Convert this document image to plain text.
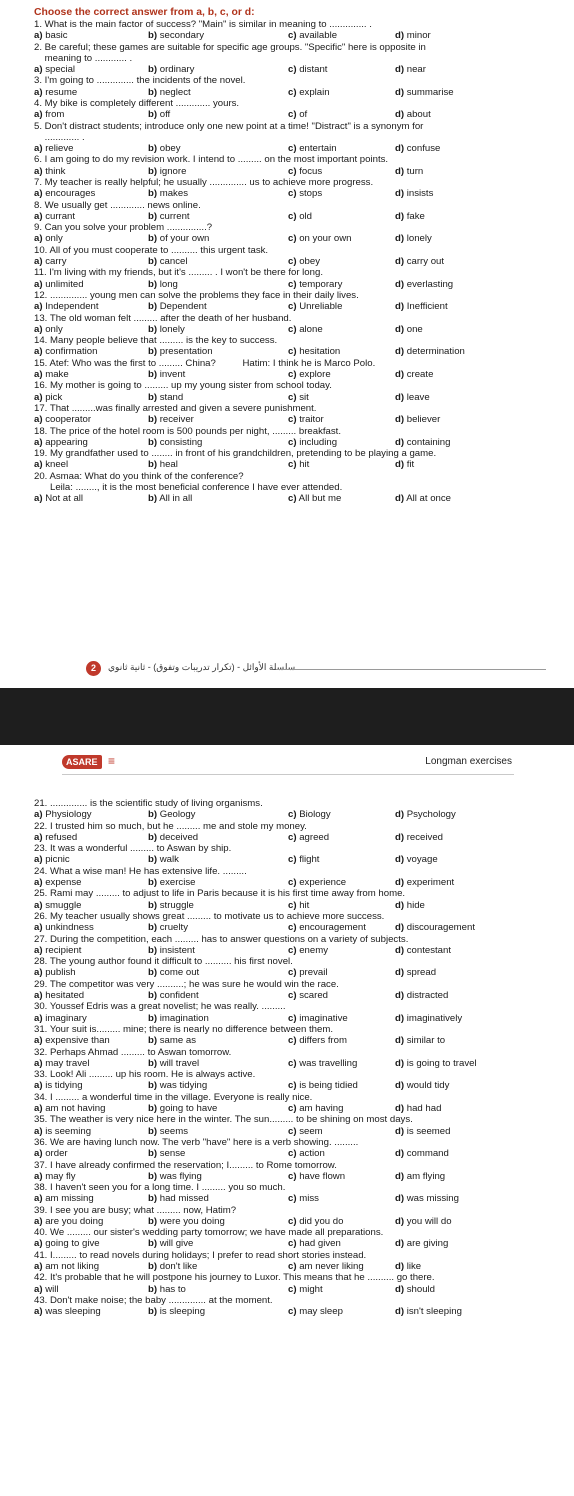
Choose the correct answer from a, b, c, or d:

1. What is the main factor of success? "Main" is similar in meaning to .............. .
a) basic	b) secondary	c) available	d) minor
2. Be careful; these games are suitable for specific age groups. "Specific" here is opposite in
meaning to ............ .
a) special	b) ordinary	c) distant	d) near
3. I'm going to .............. the incidents of the novel.
a) resume	b) neglect	c) explain	d) summarise
4. My bike is completely different ............. yours.
a) from	b) off	c) of	d) about
5. Don't distract students; introduce only one new point at a time! "Distract" is a synonym for
............. .
a) relieve	b) obey	c) entertain	d) confuse
6. I am going to do my revision work. I intend to ......... on the most important points.
a) think	b) ignore	c) focus	d) turn
7. My teacher is really helpful; he usually .............. us to achieve more progress.
a) encourages	b) makes	c) stops	d) insists
8. We usually get ............. news online.
a) currant	b) current	c) old	d) fake
9. Can you solve your problem ...............?
a) only	b) of your own	c) on your own	d) lonely
10. All of you must cooperate to .......... this urgent task.
a) carry	b) cancel	c) obey	d) carry out
11. I'm living with my friends, but it's ......... . I won't be there for long.
a) unlimited	b) long	c) temporary	d) everlasting
12. .............. young men can solve the problems they face in their daily lives.
a) Independent	b) Dependent	c) Unreliable	d) Inefficient
13. The old woman felt ......... after the death of her husband.
a) only	b) lonely	c) alone	d) one
14. Many people believe that ......... is the key to success.
a) confirmation	b) presentation	c) hesitation	d) determination
15. Atef: Who was the first to ......... China?          Hatim: I think he is Marco Polo.
a) make	b) invent	c) explore	d) create
16. My mother is going to ......... up my young sister from school today.
a) pick	b) stand	c) sit	d) leave
17. That .........was finally arrested and given a severe punishment.
a) cooperator	b) receiver	c) traitor	d) believer
18. The price of the hotel room is 500 pounds per night, ......... breakfast.
a) appearing	b) consisting	c) including	d) containing
19. My grandfather used to ........ in front of his grandchildren, pretending to be playing a game.
a) kneel	b) heal	c) hit	d) fit
20. Asmaa: What do you think of the conference?
Leila: ........, it is the most beneficial conference I have ever attended.
a) Not at all	b) All in all	c) All but me	d) All at once
2	سلسلة الأوائل - (تكرار تدريبات وتفوق) - ثانية ثانوي
ASARE ≡	Longman exercises
21. .............. is the scientific study of living organisms.
a) Physiology	b) Geology	c) Biology	d) Psychology
22. I trusted him so much, but he ......... me and stole my money.
a) refused	b) deceived	c) agreed	d) received
23. It was a wonderful ......... to Aswan by ship.
a) picnic	b) walk	c) flight	d) voyage
24. What a wise man! He has extensive life. .........
a) expense	b) exercise	c) experience	d) experiment
25. Rami may ......... to adjust to life in Paris because it is his first time away from home.
a) smuggle	b) struggle	c) hit	d) hide
26. My teacher usually shows great ......... to motivate us to achieve more success.
a) unkindness	b) cruelty	c) encouragement	d) discouragement
27. During the competition, each ......... has to answer questions on a variety of subjects.
a) recipient	b) insistent	c) enemy	d) contestant
28. The young author found it difficult to .......... his first novel.
a) publish	b) come out	c) prevail	d) spread
29. The competitor was very ..........; he was sure he would win the race.
a) hesitated	b) confident	c) scared	d) distracted
30. Youssef Edris was a great novelist; he was really. .........
a) imaginary	b) imagination	c) imaginative	d) imaginatively
31. Your suit is......... mine; there is nearly no difference between them.
a) expensive than	b) same as	c) differs from	d) similar to
32. Perhaps Ahmad ......... to Aswan tomorrow.
a) may travel	b) will travel	c) was travelling	d) is going to travel
33. Look! Ali ......... up his room. He is always active.
a) is tidying	b) was tidying	c) is being tidied	d) would tidy
34. I ......... a wonderful time in the village. Everyone is really nice.
a) am not having	b) going to have	c) am having	d) had had
35. The weather is very nice here in the winter. The sun......... to be shining on most days.
a) is seeming	b) seems	c) seem	d) is seemed
36. We are having lunch now. The verb "have" here is a verb showing. .........
a) order	b) sense	c) action	d) command
37. I have already confirmed the reservation; I......... to Rome tomorrow.
a) may fly	b) was flying	c) have flown	d) am flying
38. I haven't seen you for a long time. I ......... you so much.
a) am missing	b) had missed	c) miss	d) was missing
39. I see you are busy; what ......... now, Hatim?
a) are you doing	b) were you doing	c) did you do	d) you will do
40. We ......... our sister's wedding party tomorrow; we have made all preparations.
a) going to give	b) will give	c) had given	d) are giving
41. I......... to read novels during holidays; I prefer to read short stories instead.
a) am not liking	b) don't like	c) am never liking	d) like
42. It's probable that he will postpone his journey to Luxor. This means that he .......... go there.
a) will	b) has to	c) might	d) should
43. Don't make noise; the baby .............. at the moment.
a) was sleeping	b) is sleeping	c) may sleep	d) isn't sleeping
